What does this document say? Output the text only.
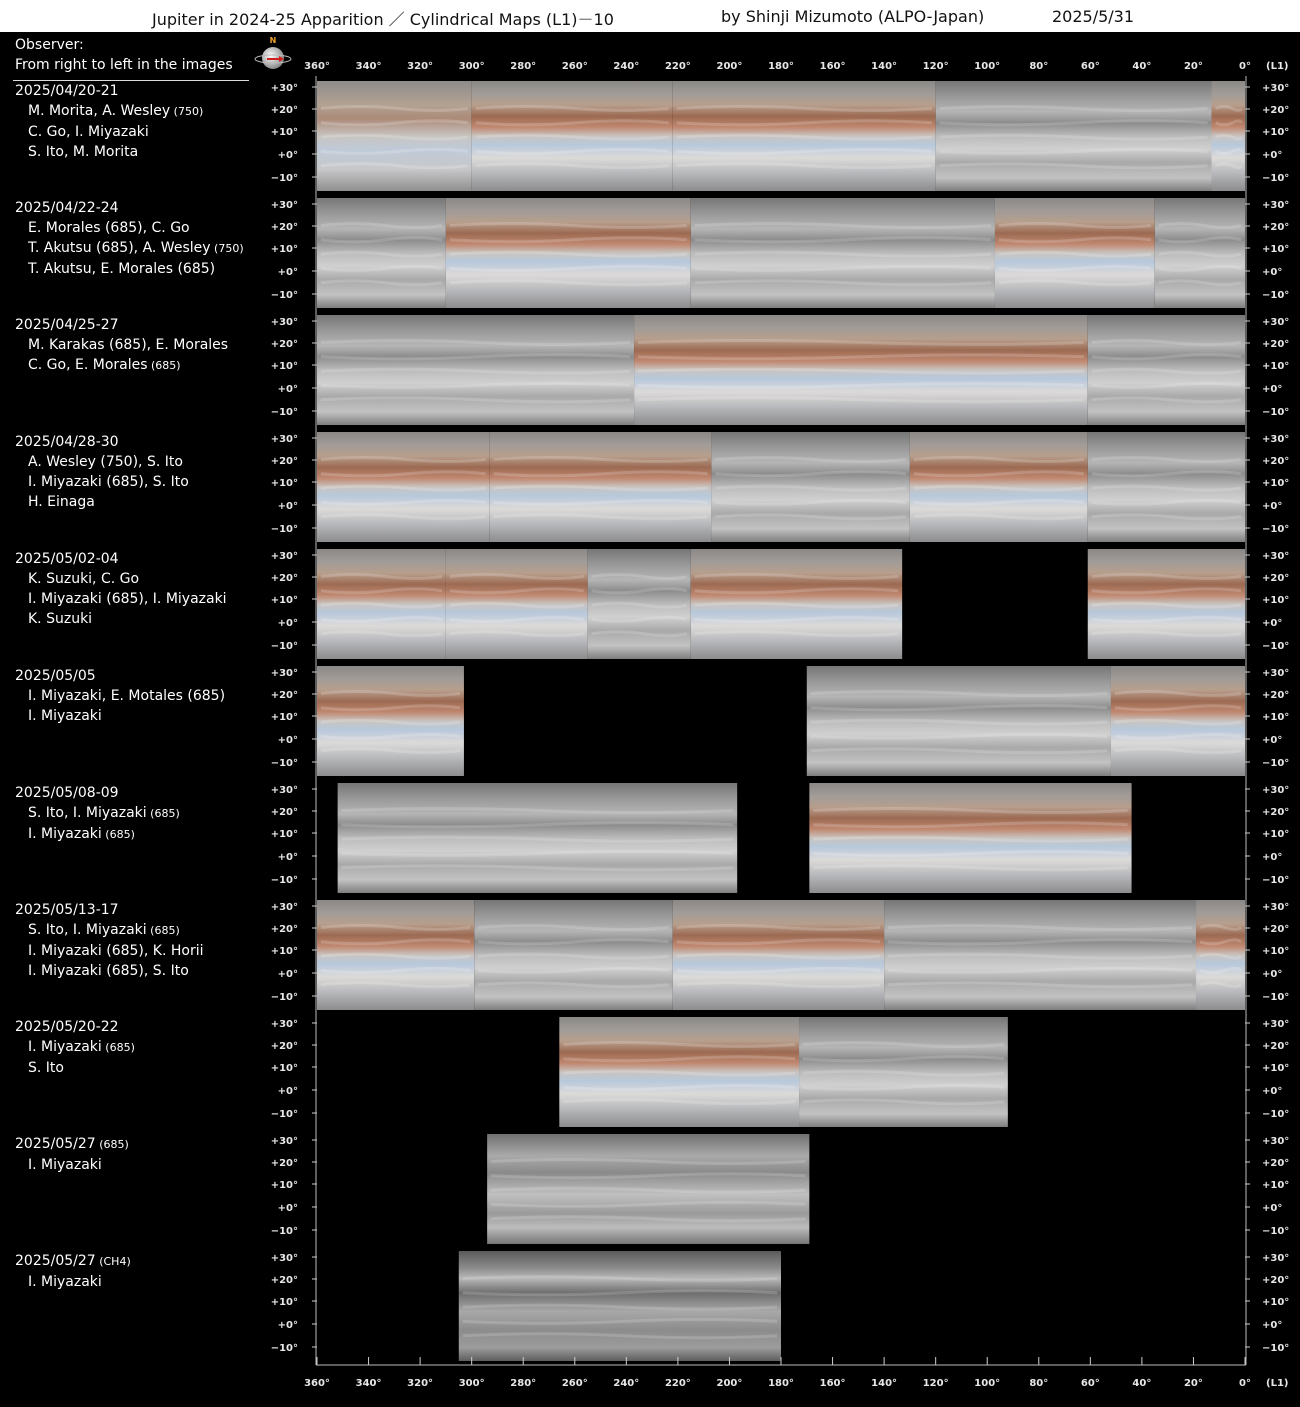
Jupiter in 2024-25 Apparition ／ Cylindrical Maps (L1)－10	by Shinji Mizumoto (ALPO-Japan)	2025/5/31
Observer:
From right to left in the images
N
2025/04/20-21
M. Morita, A. Wesley (750)
C. Go, I. Miyazaki
S. Ito, M. Morita
2025/04/22-24
E. Morales (685), C. Go
T. Akutsu (685), A. Wesley (750)
T. Akutsu, E. Morales (685)
2025/04/25-27
M. Karakas (685), E. Morales
C. Go, E. Morales (685)
2025/04/28-30
A. Wesley (750), S. Ito
I. Miyazaki (685), S. Ito
H. Einaga
2025/05/02-04
K. Suzuki, C. Go
I. Miyazaki (685), I. Miyazaki
K. Suzuki
2025/05/05
I. Miyazaki, E. Motales (685)
I. Miyazaki
2025/05/08-09
S. Ito, I. Miyazaki (685)
I. Miyazaki (685)
2025/05/13-17
S. Ito, I. Miyazaki (685)
I. Miyazaki (685), K. Horii
I. Miyazaki (685), S. Ito
2025/05/20-22
I. Miyazaki (685)
S. Ito
2025/05/27 (685)
I. Miyazaki
2025/05/27 (CH4)
I. Miyazaki
+30°	+30°
+20°	+20°
+10°	+10°
+0°	+0°
−10°	−10°
+30°	+30°
+20°	+20°
+10°	+10°
+0°	+0°
−10°	−10°
+30°	+30°
+20°	+20°
+10°	+10°
+0°	+0°
−10°	−10°
+30°	+30°
+20°	+20°
+10°	+10°
+0°	+0°
−10°	−10°
+30°	+30°
+20°	+20°
+10°	+10°
+0°	+0°
−10°	−10°
+30°	+30°
+20°	+20°
+10°	+10°
+0°	+0°
−10°	−10°
+30°	+30°
+20°	+20°
+10°	+10°
+0°	+0°
−10°	−10°
+30°	+30°
+20°	+20°
+10°	+10°
+0°	+0°
−10°	−10°
+30°	+30°
+20°	+20°
+10°	+10°
+0°	+0°
−10°	−10°
+30°	+30°
+20°	+20°
+10°	+10°
+0°	+0°
−10°	−10°
+30°	+30°
+20°	+20°
+10°	+10°
+0°	+0°
−10°	−10°
360°	340°	320°	300°	280°	260°	240°	220°	200°	180°	160°	140°	120°	100°	80°	60°	40°	20°	0° (L1)
360°	340°	320°	300°	280°	260°	240°	220°	200°	180°	160°	140°	120°	100°	80°	60°	40°	20°	0° (L1)
